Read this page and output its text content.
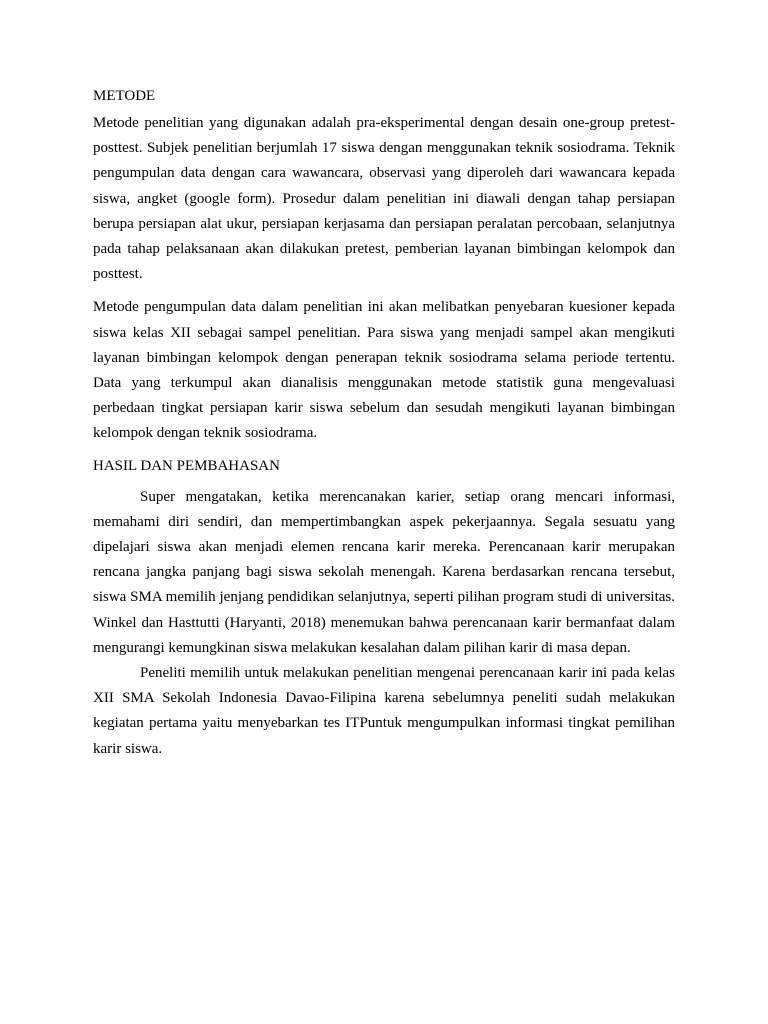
METODE

Metode penelitian yang digunakan adalah pra-eksperimental dengan desain one-group pretest-posttest. Subjek penelitian berjumlah 17 siswa dengan menggunakan teknik sosiodrama. Teknik pengumpulan data dengan cara wawancara, observasi yang diperoleh dari wawancara kepada siswa, angket (google form). Prosedur dalam penelitian ini diawali dengan tahap persiapan berupa persiapan alat ukur, persiapan kerjasama dan persiapan peralatan percobaan, selanjutnya pada tahap pelaksanaan akan dilakukan pretest, pemberian layanan bimbingan kelompok dan posttest.

Metode pengumpulan data dalam penelitian ini akan melibatkan penyebaran kuesioner kepada siswa kelas XII sebagai sampel penelitian. Para siswa yang menjadi sampel akan mengikuti layanan bimbingan kelompok dengan penerapan teknik sosiodrama selama periode tertentu. Data yang terkumpul akan dianalisis menggunakan metode statistik guna mengevaluasi perbedaan tingkat persiapan karir siswa sebelum dan sesudah mengikuti layanan bimbingan kelompok dengan teknik sosiodrama.

HASIL DAN PEMBAHASAN

Super mengatakan, ketika merencanakan karier, setiap orang mencari informasi, memahami diri sendiri, dan mempertimbangkan aspek pekerjaannya. Segala sesuatu yang dipelajari siswa akan menjadi elemen rencana karir mereka. Perencanaan karir merupakan rencana jangka panjang bagi siswa sekolah menengah. Karena berdasarkan rencana tersebut, siswa SMA memilih jenjang pendidikan selanjutnya, seperti pilihan program studi di universitas. Winkel dan Hasttutti (Haryanti, 2018) menemukan bahwa perencanaan karir bermanfaat dalam mengurangi kemungkinan siswa melakukan kesalahan dalam pilihan karir di masa depan.

Peneliti memilih untuk melakukan penelitian mengenai perencanaan karir ini pada kelas XII SMA Sekolah Indonesia Davao-Filipina karena sebelumnya peneliti sudah melakukan kegiatan pertama yaitu menyebarkan tes ITPuntuk mengumpulkan informasi tingkat pemilihan karir siswa.
